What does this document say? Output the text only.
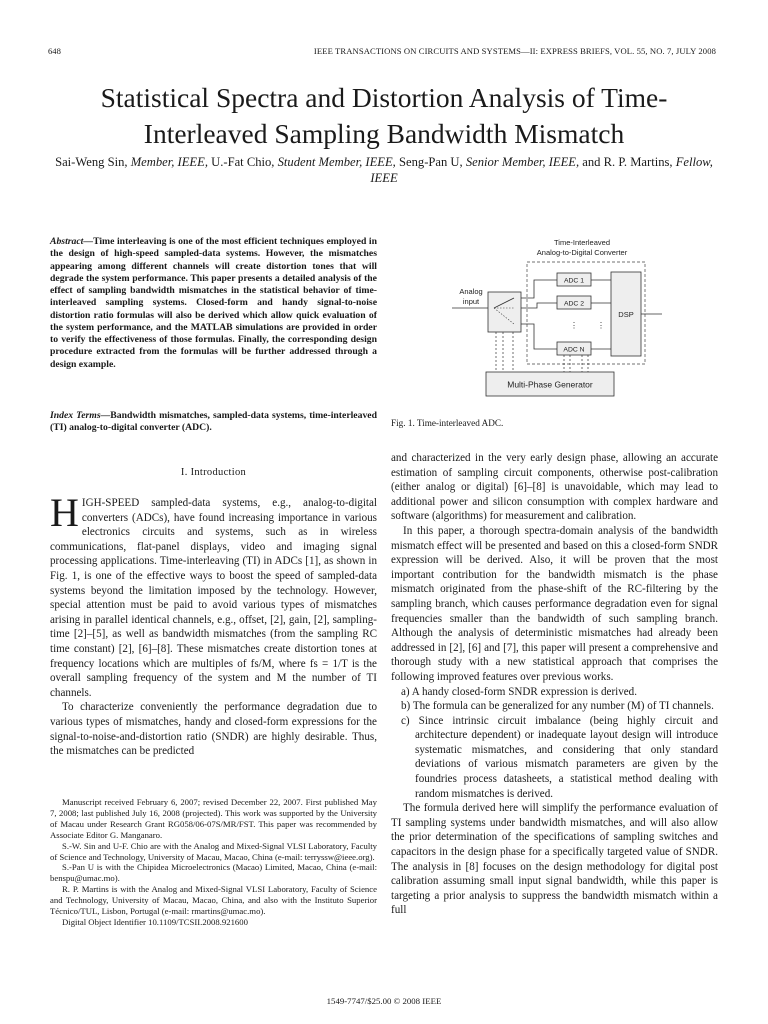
648	IEEE TRANSACTIONS ON CIRCUITS AND SYSTEMS—II: EXPRESS BRIEFS, VOL. 55, NO. 7, JULY 2008
Statistical Spectra and Distortion Analysis of Time-Interleaved Sampling Bandwidth Mismatch
Sai-Weng Sin, Member, IEEE, U.-Fat Chio, Student Member, IEEE, Seng-Pan U, Senior Member, IEEE, and R. P. Martins, Fellow, IEEE
Abstract—Time interleaving is one of the most efficient techniques employed in the design of high-speed sampled-data systems. However, the mismatches appearing among different channels will create distortion tones that will degrade the system performance. This paper presents a detailed analysis of the effect of sampling bandwidth mismatches in the statistical behavior of time-interleaved sampling systems. Closed-form and handy signal-to-noise distortion ratio formulas will also be derived which allow quick evaluation of the system performance, and the MATLAB simulations are provided in order to verify the effectiveness of those formulas. Finally, the corresponding design procedure extracted from the formulas will be further addressed through a design example.
Index Terms—Bandwidth mismatches, sampled-data systems, time-interleaved (TI) analog-to-digital converter (ADC).
I. Introduction

HIGH-SPEED sampled-data systems, e.g., analog-to-digital converters (ADCs), have found increasing importance in various electronics circuits and systems, such as in wireless communications, flat-panel displays, video and imaging signal processing applications. Time-interleaving (TI) in ADCs [1], as shown in Fig. 1, is one of the effective ways to boost the speed of sampled-data systems beyond the limitation imposed by the technology. However, special attention must be paid to avoid various types of mismatches arising in parallel identical channels, e.g., offset, [2], gain, [2], sampling-time [2]–[5], as well as bandwidth mismatches (from the sampling RC time constant) [2], [6]–[8]. These mismatches create distortion tones at frequency locations which are multiples of fs/M, where fs = 1/T is the overall sampling frequency of the system and M the number of TI channels.

To characterize conveniently the performance degradation due to various types of mismatches, handy and closed-form expressions for the signal-to-noise-and-distortion ratio (SNDR) are highly desirable. Thus, the mismatches can be predicted

Manuscript received February 6, 2007; revised December 22, 2007. First published May 7, 2008; last published July 16, 2008 (projected). This work was supported by the University of Macau under Research Grant RG058/06-07S/MR/FST. This paper was recommended by Associate Editor G. Manganaro.

S.-W. Sin and U-F. Chio are with the Analog and Mixed-Signal VLSI Laboratory, Faculty of Science and Technology, University of Macau, Macao, China (e-mail: terryssw@ieee.org).

S.-Pan U is with the Chipidea Microelectronics (Macao) Limited, Macao, China (e-mail: benspu@umac.mo).

R. P. Martins is with the Analog and Mixed-Signal VLSI Laboratory, Faculty of Science and Technology, University of Macau, Macao, China, and also with the Instituto Superior Técnico/TUL, Lisbon, Portugal (e-mail: rmartins@umac.mo).

Digital Object Identifier 10.1109/TCSII.2008.921600

Time-Interleaved
Analog-to-Digital Converter
Analog
input
ADC 1
ADC 2
⋮
ADC N
⋮
DSP
Multi-Phase Generator
Fig. 1. Time-interleaved ADC.

and characterized in the very early design phase, allowing an accurate estimation of sampling circuit components, otherwise post-calibration (either analog or digital) [6]–[8] is unavoidable, which may lead to additional power and silicon consumption with complex hardware and software (algorithms) for measurement and calibration.

In this paper, a thorough spectra-domain analysis of the bandwidth mismatch effect will be presented and based on this a closed-form SNDR expression will be derived. Also, it will be proven that the most important contribution for the bandwidth mismatch is the phase mismatch originated from the phase-shift of the RC-filtering by the sampling branch, which causes performance degradation even for signal frequencies smaller than the bandwidth of such sampling branch. Although the analysis of deterministic mismatches had already been addressed in [2], [6] and [7], this paper will present a comprehensive and thorough study with a new statistical approach that comprises the following improved features over previous works.

a) A handy closed-form SNDR expression is derived.

b) The formula can be generalized for any number (M) of TI channels.

c) Since intrinsic circuit imbalance (being highly circuit and architecture dependent) or inadequate layout design will introduce systematic mismatches, and considering that only standard deviations of various mismatch parameters are given by the foundries process datasheets, a statistical method dealing with random mismatches is derived.

The formula derived here will simplify the performance evaluation of TI sampling systems under bandwidth mismatches, and will also allow the prior determination of the specifications of sampling switches and capacitors in the design phase for a specifically targeted value of SNDR. The analysis in [8] focuses on the design methodology for digital post calibration assuming small input signal bandwidth, while this paper is targeting a prior analysis to suppress the bandwidth mismatch within a full

1549-7747/$25.00 © 2008 IEEE
